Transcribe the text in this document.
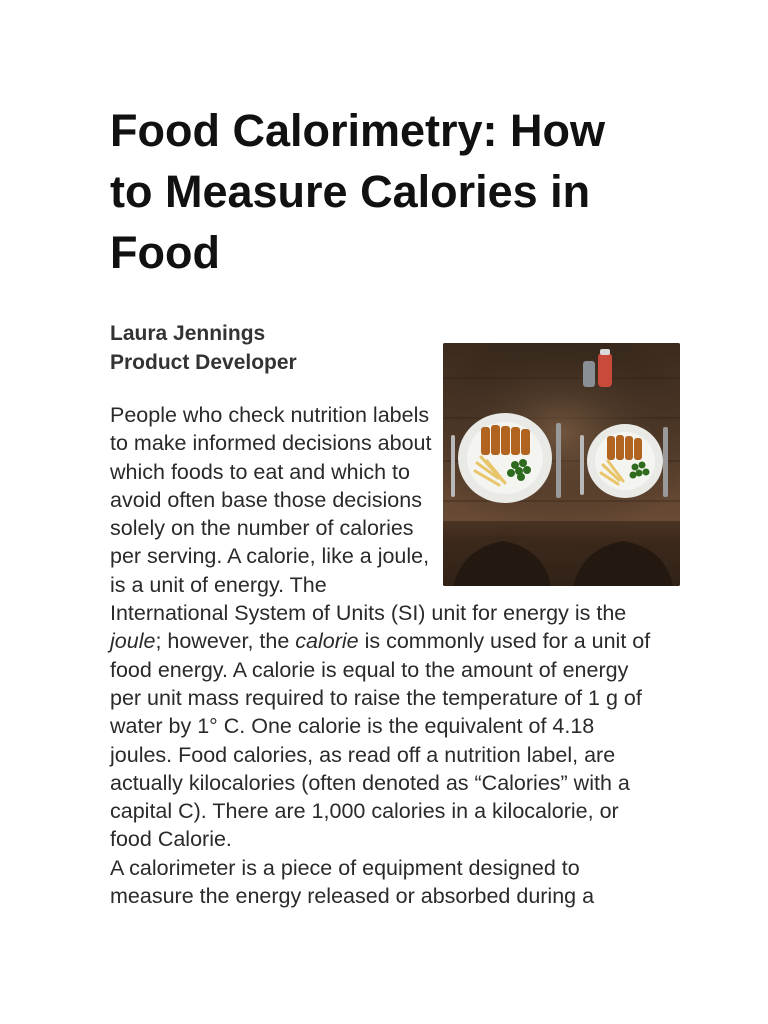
Food Calorimetry: How to Measure Calories in Food
Laura Jennings
Product Developer

People who check nutrition labels to make informed decisions about which foods to eat and which to avoid often base those decisions solely on the number of calories per serving. A calorie, like a joule, is a unit of energy. The International System of Units (SI) unit for energy is the joule; however, the calorie is commonly used for a unit of food energy. A calorie is equal to the amount of energy per unit mass required to raise the temperature of 1 g of water by 1° C. One calorie is the equivalent of 4.18 joules. Food calories, as read off a nutrition label, are actually kilocalories (often denoted as “Calories” with a capital C). There are 1,000 calories in a kilocalorie, or food Calorie.

A calorimeter is a piece of equipment designed to measure the energy released or absorbed during a
